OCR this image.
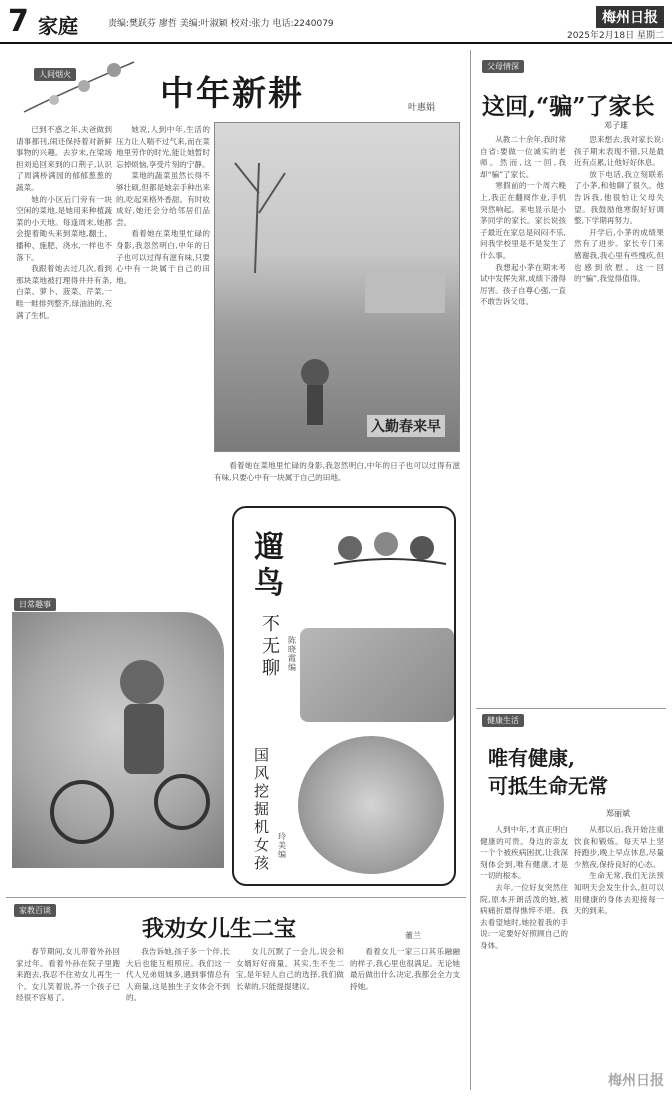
7 家庭	责编:樊跃芬 廖哲 美编:叶淑颖 校对:张力 电话:2240079	梅州日报
2025年2月18日 星期二
人间烟火	中年新耕	叶惠娟

已到不惑之年,夫爸做到请事都刊,闹还保持着对新鲜事物的兴趣。去岁末,在梁场担刘追回来到的口荆子,认识了周满桥满园的郁郁葱葱的蔬菜。

她的小区后门旁有一块空闲的菜地,是她用来种植蔬菜的小天地。每逢周末,她都会提着锄头来到菜地,翻土、播种、施肥、浇水,一样也不落下。

我跟着她去过几次,看到那块菜地被打理得井井有条,白菜、萝卜、菠菜、芹菜,一畦一畦排列整齐,绿油油的,充满了生机。

她说,人到中年,生活的压力让人喘不过气来,而在菜地里劳作的时光,能让她暂时忘掉烦恼,享受片刻的宁静。

菜地的蔬菜虽然长得不够壮硕,但都是她亲手种出来的,吃起来格外香甜。有时收成好,她还会分给邻居们品尝。

看着她在菜地里忙碌的身影,我忽然明白,中年的日子也可以过得有滋有味,只要心中有一块属于自己的田地。

看着她在菜地里忙碌的身影,我忽然明白,中年的日子也可以过得有滋有味,只要心中有一块属于自己的田地。

入勤春来早
日常趣事
遛鸟
不无聊
陈晓霞编
国风挖掘机女孩
玲美编
家教百谈
我劝女儿生二宝	董兰

春节期间,女儿带着外孙回家过年。看着外孙在院子里跑来跑去,我忍不住劝女儿再生一个。女儿笑着说,养一个孩子已经很不容易了。

我告诉她,孩子多一个伴,长大后也能互相照应。我们这一代人兄弟姐妹多,遇到事情总有人商量,这是独生子女体会不到的。

女儿沉默了一会儿,说会和女婿好好商量。其实,生不生二宝,是年轻人自己的选择,我们做长辈的,只能提提建议。

看着女儿一家三口其乐融融的样子,我心里也很满足。无论她最后做出什么决定,我都会全力支持她。

父母情深
这回,“骗”了家长
邓子雄

从教二十余年,我时常自省:要做一位诚实的老师。然而,这一回,我却“骗”了家长。

寒假前的一个周六晚上,我正在翻阅作业,手机突然响起。来电显示是小茅同学的家长。家长说孩子最近在家总是闷闷不乐,问我学校里是不是发生了什么事。

我想起小茅在期末考试中发挥失常,成绩下滑得厉害。孩子自尊心强,一直不敢告诉父母。

思来想去,我对家长说:孩子期末表现不错,只是最近有点累,让他好好休息。

放下电话,我立刻联系了小茅,和他聊了很久。他告诉我,他很怕让父母失望。我鼓励他寒假好好调整,下学期再努力。

开学后,小茅的成绩果然有了进步。家长专门来感谢我,我心里有些愧疚,但也感到欣慰。这一回的“骗”,我觉得值得。

健康生活
唯有健康,
可抵生命无常
郑丽斌

人到中年,才真正明白健康的可贵。身边的亲友一个个被疾病困扰,让我深刻体会到,唯有健康,才是一切的根本。

去年,一位好友突然住院,原本开朗活泼的她,被病痛折磨得憔悴不堪。我去看望她时,她拉着我的手说:一定要好好照顾自己的身体。

从那以后,我开始注重饮食和锻炼。每天早上坚持跑步,晚上早点休息,尽量少熬夜,保持良好的心态。

生命无常,我们无法预知明天会发生什么,但可以用健康的身体去迎接每一天的到来。

梅州日报
